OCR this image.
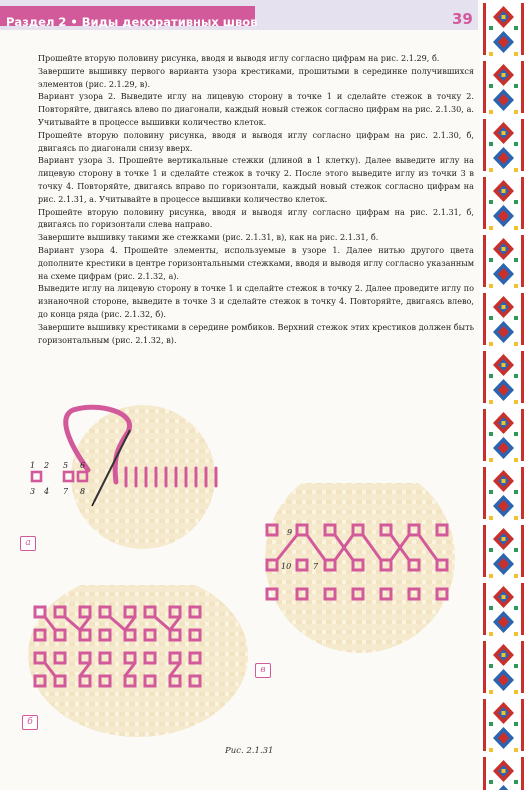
Раздел 2 • Виды декоративных швов	39

Прошейте вторую половину рисунка, вводя и выводя иглу согласно цифрам на рис. 2.1.29, б.

Завершите вышивку первого варианта узора крестиками, прошитыми в серединке получившихся элементов (рис. 2.1.29, в).

Вариант узора 2. Выведите иглу на лицевую сторону в точке 1 и сделайте стежок в точку 2. Повторяйте, двигаясь влево по диагонали, каждый новый стежок согласно цифрам на рис. 2.1.30, а. Учитывайте в процессе вышивки количество клеток.

Прошейте вторую половину рисунка, вводя и выводя иглу согласно цифрам на рис. 2.1.30, б, двигаясь по диагонали снизу вверх.

Вариант узора 3. Прошейте вертикальные стежки (длиной в 1 клетку). Далее выведите иглу на лицевую сторону в точке 1 и сделайте стежок в точку 2. После этого выведите иглу из точки 3 в точку 4. Повторяйте, двигаясь вправо по горизонтали, каждый новый стежок согласно цифрам на рис. 2.1.31, а. Учитывайте в процессе вышивки количество клеток.

Прошейте вторую половину рисунка, вводя и выводя иглу согласно цифрам на рис. 2.1.31, б, двигаясь по горизонтали слева направо.

Завершите вышивку такими же стежками (рис. 2.1.31, в), как на рис. 2.1.31, б.

Вариант узора 4. Прошейте элементы, используемые в узоре 1. Далее нитью другого цвета дополните крестики в центре горизонтальными стежками, вводя и выводя иглу согласно указанным на схеме цифрам (рис. 2.1.32, а).

Выведите иглу на лицевую сторону в точке 1 и сделайте стежок в точку 2. Далее проведите иглу по изнаночной стороне, выведите в точке 3 и сделайте стежок в точку 4. Повторяйте, двигаясь влево, до конца ряда (рис. 2.1.32, б).

Завершите вышивку крестиками в середине ромбиков. Верхний стежок этих крестиков должен быть горизонтальным (рис. 2.1.32, в).

1 2 5 6
3 4 7 8
а
б
9
10	7
в
Рис. 2.1.31
